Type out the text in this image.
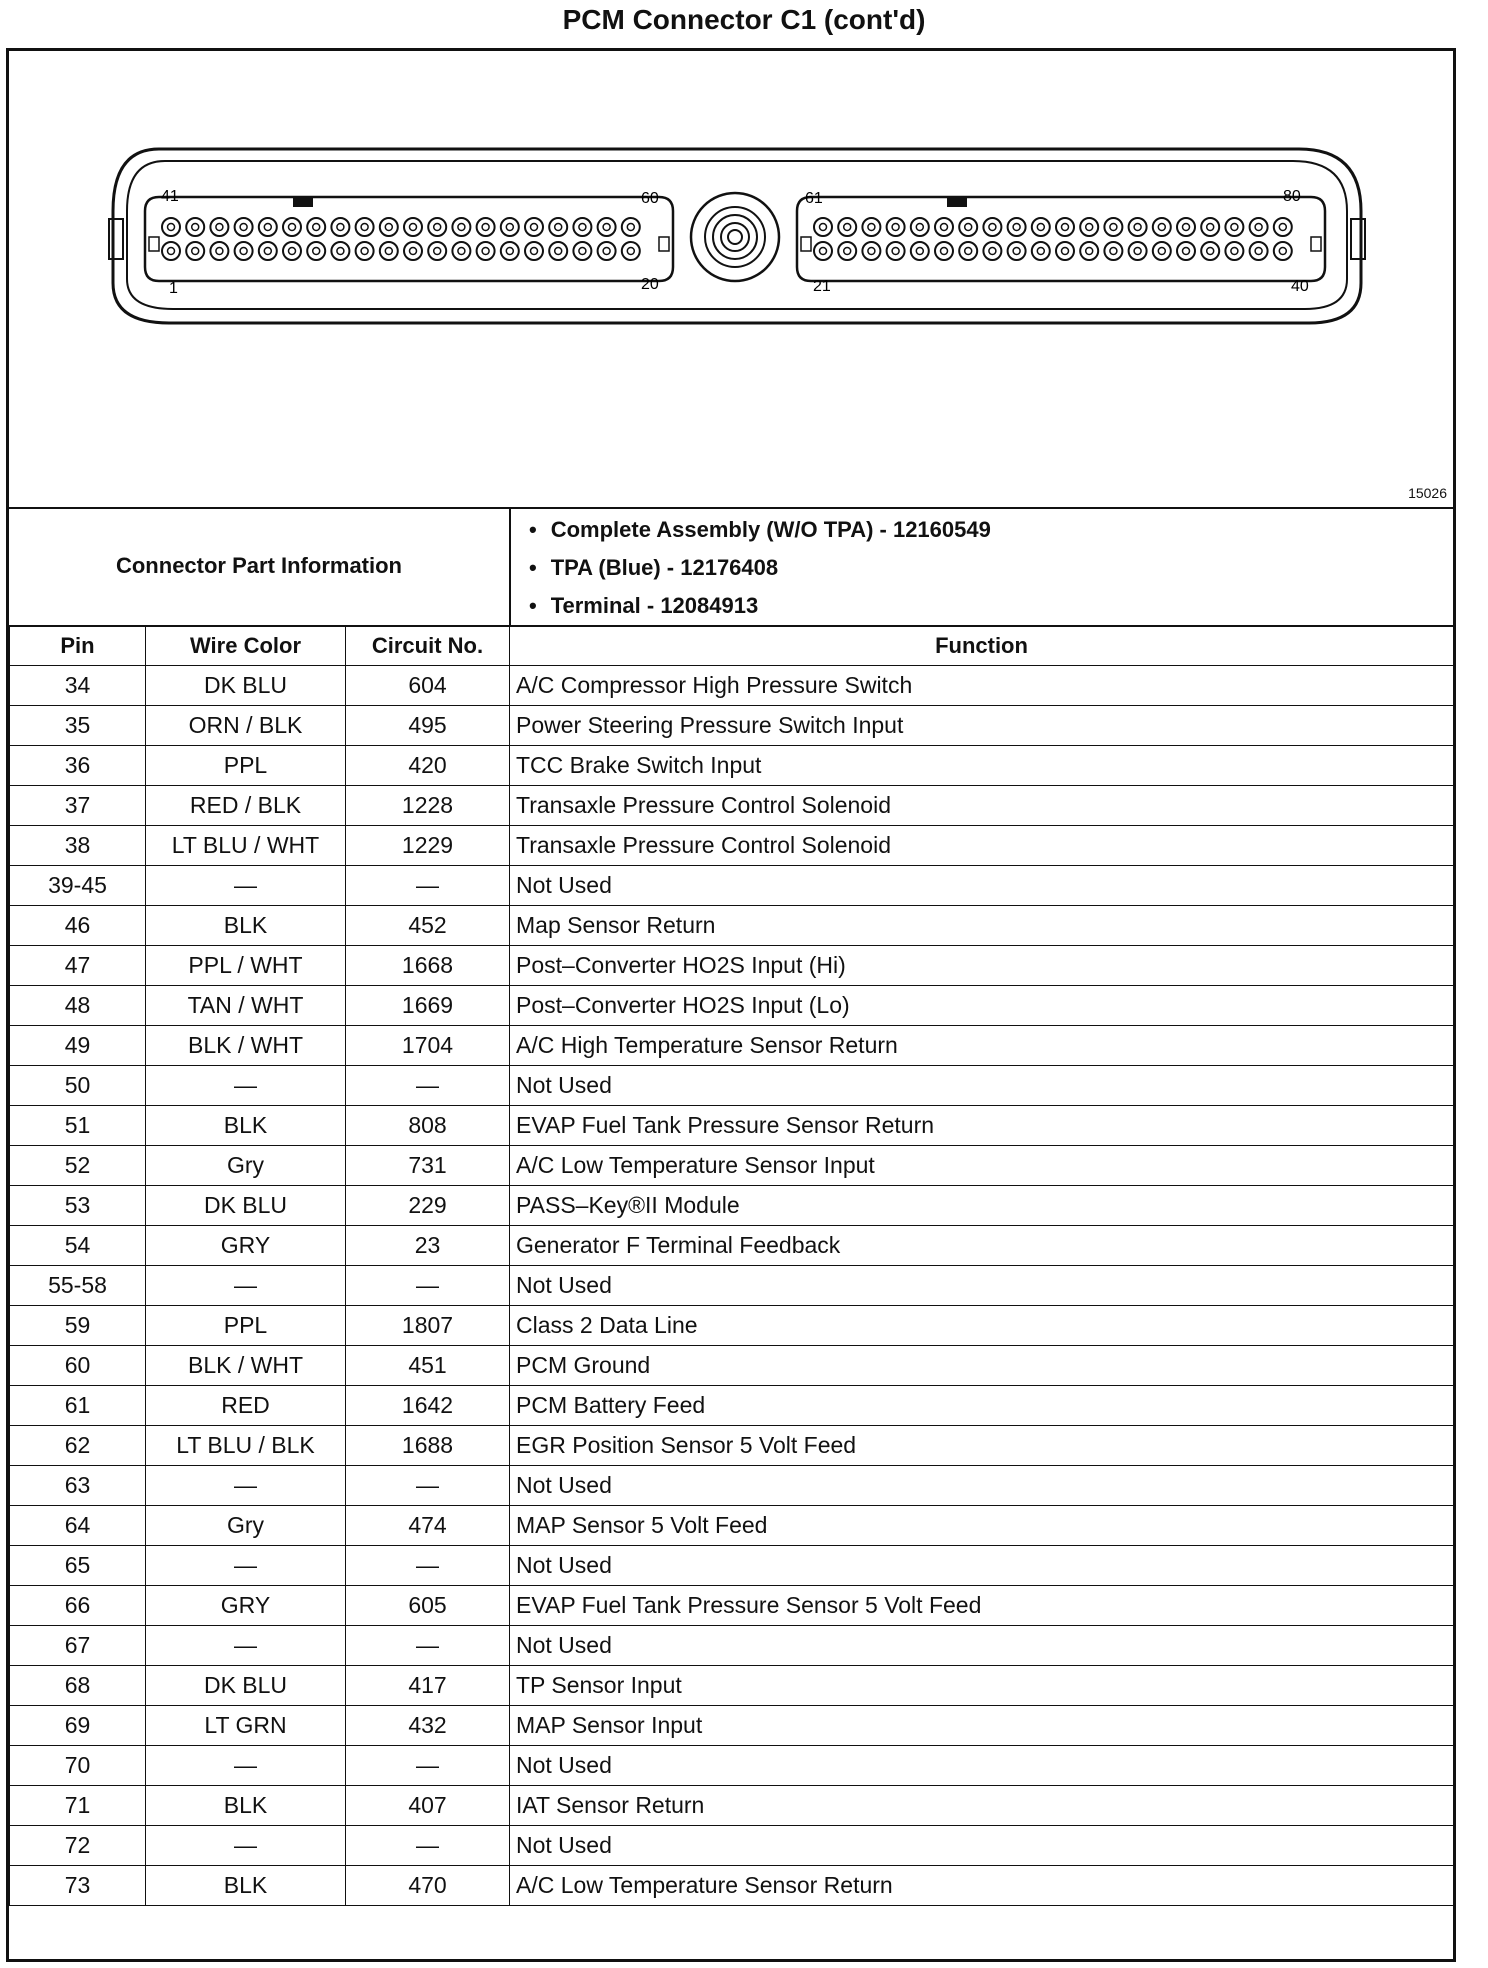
PCM Connector C1 (cont'd)
41	60
1	20
61	80
21	40
15026
Connector Part Information
• Complete Assembly (W/O TPA) - 12160549
• TPA (Blue) - 12176408
• Terminal - 12084913
Pin	Wire Color	Circuit No.	Function
34	DK BLU	604	A/C Compressor High Pressure Switch
35	ORN / BLK	495	Power Steering Pressure Switch Input
36	PPL	420	TCC Brake Switch Input
37	RED / BLK	1228	Transaxle Pressure Control Solenoid
38	LT BLU / WHT	1229	Transaxle Pressure Control Solenoid
39-45	—	—	Not Used
46	BLK	452	Map Sensor Return
47	PPL / WHT	1668	Post–Converter HO2S Input (Hi)
48	TAN / WHT	1669	Post–Converter HO2S Input (Lo)
49	BLK / WHT	1704	A/C High Temperature Sensor Return
50	—	—	Not Used
51	BLK	808	EVAP Fuel Tank Pressure Sensor Return
52	Gry	731	A/C Low Temperature Sensor Input
53	DK BLU	229	PASS–Key®II Module
54	GRY	23	Generator F Terminal Feedback
55-58	—	—	Not Used
59	PPL	1807	Class 2 Data Line
60	BLK / WHT	451	PCM Ground
61	RED	1642	PCM Battery Feed
62	LT BLU / BLK	1688	EGR Position Sensor 5 Volt Feed
63	—	—	Not Used
64	Gry	474	MAP Sensor 5 Volt Feed
65	—	—	Not Used
66	GRY	605	EVAP Fuel Tank Pressure Sensor 5 Volt Feed
67	—	—	Not Used
68	DK BLU	417	TP Sensor Input
69	LT GRN	432	MAP Sensor Input
70	—	—	Not Used
71	BLK	407	IAT Sensor Return
72	—	—	Not Used
73	BLK	470	A/C Low Temperature Sensor Return
